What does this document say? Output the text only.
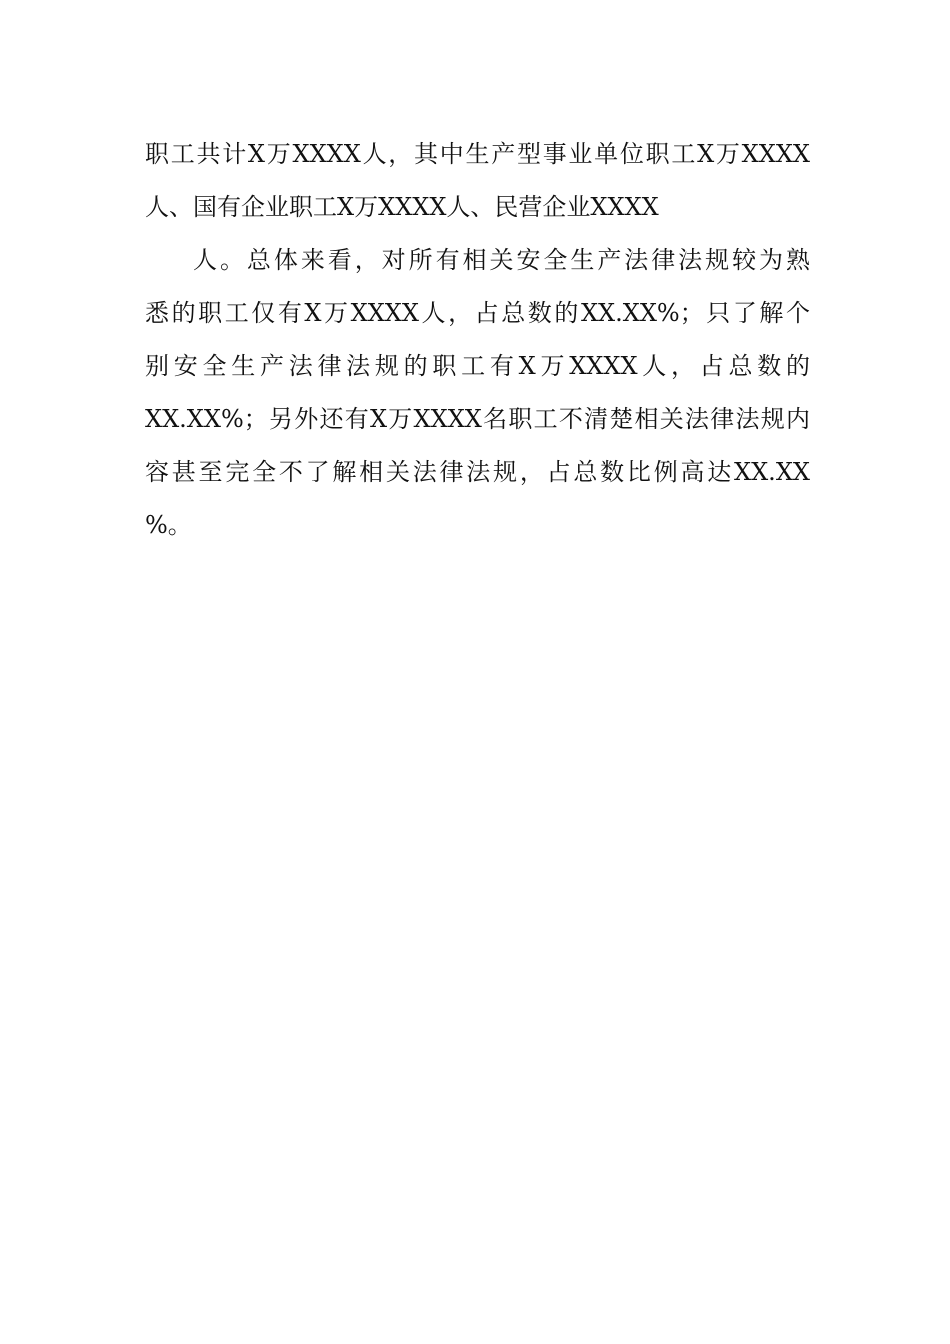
职工共计X万XXXX人，其中生产型事业单位职工X万XXXX
人、国有企业职工X万XXXX人、民营企业XXXX
人。总体来看，对所有相关安全生产法律法规较为熟
悉的职工仅有X万XXXX人，占总数的XX.XX%；只了解个
别安全生产法律法规的职工有X万XXXX人，占总数的
XX.XX%；另外还有X万XXXX名职工不清楚相关法律法规内
容甚至完全不了解相关法律法规，占总数比例高达XX.XX
%。
